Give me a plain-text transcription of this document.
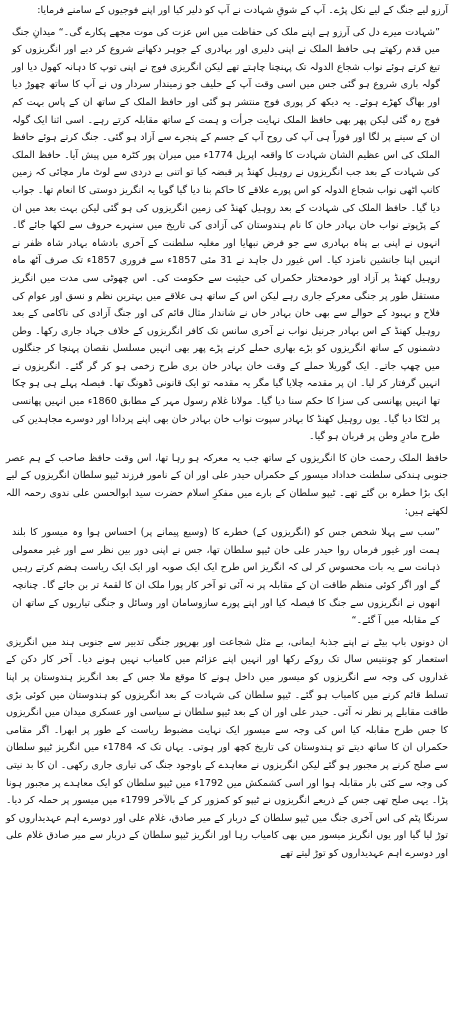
آرزو لیے جنگ کے لیے نکل پڑے۔ آپ کے شوقِ شہادت نے آپ کو دلیر کیا اور اپنے فوجیوں کے سامنے فرمایا:

”شہادت میرے دل کی آرزو ہے اپنے ملک کی حفاظت میں اس عزت کی موت مجھے پکارے گی۔“ میدانِ جنگ میں قدم رکھتے ہی حافظ الملک نے اپنی دلیری اور بہادری کے جوہر دکھانے شروع کر دیے اور انگریزوں کو تیغ کرتے ہوئے نواب شجاع الدولہ تک پہنچنا چاہتے تھے لیکن انگریزی فوج نے اپنی توپ کا دہانہ کھول دیا اور گولہ باری شروع ہو گئی جس میں اسی وقت آپ کے حلیف جو زمیندار سردار وں نے آپ کا ساتھ چھوڑ دیا اور بھاگ کھڑے ہوئے۔ یہ دیکھ کر پوری فوج منتشر ہو گئی اور حافظ الملک کے ساتھ ان کے پاس بہت کم فوج رہ گئی لیکن پھر بھی حافظ الملک نہایت جرأت و ہمت کے ساتھ مقابلہ کرتے رہے۔ اسی اثنا ایک گولہ ان کے سینے پر لگا اور فوراً ہی آپ کی روح آپ کے جسم کے پنجرے سے آزاد ہو گئی۔ جنگ کرتے ہوئے حافظ الملک کی اس عظیم الشان شہادت کا واقعہ اپریل 1774ء میں میران پور کٹرہ میں پیش آیا۔ حافظ الملک کی شہادت کے بعد جب انگریزوں نے روہیل کھنڈ پر قبضہ کیا تو اتنی بے دردی سے لوٹ مار مچائی کہ زمین کانپ اٹھی نواب شجاع الدولہ کو اس پورے علاقے کا حاکم بنا دیا گیا گویا یہ انگریز دوستی کا انعام تھا۔ جواب دیا گیا۔ حافظ الملک کی شہادت کے بعد روہیل کھنڈ کی زمین انگریزوں کی ہو گئی لیکن بہت بعد میں ان کے پڑپوتے نواب خان بہادر خان کا نام ہندوستان کی آزادی کی تاریخ میں سنہرے حروف سے لکھا جائے گا۔ انہوں نے اپنی بے پناہ بہادری سے جو فرض نبھایا اور مغلیہ سلطنت کے آخری بادشاہ بہادر شاہ ظفر نے انہیں اپنا جانشین نامزد کیا۔ اس غیور دل جاہد نے 31 مئی 1857ء سے فروری 1857ء تک صرف آٹھ ماہ روہیل کھنڈ پر آزاد اور خودمختار حکمراں کی حیثیت سے حکومت کی۔ اس چھوٹی سی مدت میں انگریز مستقل طور پر جنگی معرکے جاری رہے لیکن اس کے ساتھ ہی علاقے میں بہترین نظم و نسق اور عوام کی فلاح و بہبود کے حوالے سے بھی خان بہادر خاں نے شاندار مثال قائم کی اور جنگ آزادی کی ناکامی کے بعد روہیل کھنڈ کے اس بہادر جرنیل نواب نے آخری سانس تک کافر انگریزوں کے خلاف جہاد جاری رکھا۔ وطن دشمنوں کے ساتھ انگریزوں کو بڑے بھاری حملے کرنے پڑے پھر بھی انہیں مسلسل نقصان پہنچا کر جنگلوں میں چھپ جاتے۔ ایک گوریلا حملے کے وقت خان بہادر خان بری طرح زخمی ہو کر گر گئے۔ انگریزوں نے انہیں گرفتار کر لیا۔ ان پر مقدمہ چلایا گیا مگر یہ مقدمہ تو ایک قانونی ڈھونگ تھا۔ فیصلہ پہلے ہی ہو چکا تھا انہیں پھانسی کی سزا کا حکم سنا دیا گیا۔ مولانا غلام رسول مہر کے مطابق 1860ء میں انہیں پھانسی پر لٹکا دیا گیا۔ یوں روہیل کھنڈ کا بہادر سپوت نواب خان بہادر خان بھی اپنے پردادا اور دوسرے مجاہدین کی طرح مادرِ وطن پر قربان ہو گیا۔

حافظ الملک رحمت خان کا انگریزوں کے ساتھ جب یہ معرکہ ہو رہا تھا، اس وقت حافظ صاحب کے ہم عصر جنوبی ہندکی سلطنت خداداد میسور کے حکمراں حیدر علی اور ان کے نامور فرزند ٹیپو سلطان انگریزوں کے لیے ایک بڑا خطرہ بن گئے تھے۔ ٹیپو سلطان کے بارے میں مفکرِ اسلام حضرت سید ابوالحسن علی ندوی رحمہ اللہ لکھتے ہیں:

”سب سے پہلا شخص جس کو (انگریزوں کے) خطرے کا (وسیع پیمانے پر) احساس ہوا وہ میسور کا بلند ہمت اور غیور فرماں روا حیدر علی خان ٹیپو سلطان تھا، جس نے اپنی دور بین نظر سے اور غیر معمولی ذہانت سے یہ بات محسوس کر لی کہ انگریز اس طرح ایک ایک صوبہ اور ایک ایک ریاست ہضم کرتے رہیں گے اور اگر کوئی منظم طاقت ان کے مقابلہ پر نہ آئی تو آخر کار پورا ملک ان کا لقمۂ تر بن جائے گا۔ چنانچہ انھوں نے انگریزوں سے جنگ کا فیصلہ کیا اور اپنے پورے سازوسامان اور وسائل و جنگی تیاریوں کے ساتھ ان کے مقابلہ میں آ گئے۔“

ان دونوں باپ بیٹے نے اپنے جذبۂ ایمانی، بے مثل شجاعت اور بھرپور جنگی تدبیر سے جنوبی ہند میں انگریزی استعمار کو چونتیس سال تک روکے رکھا اور انہیں اپنے عزائم میں کامیاب نہیں ہونے دیا۔ آخر کار دکن کے غداروں کی وجہ سے انگریزوں کو میسور میں داخل ہونے کا موقع ملا جس کے بعد انگریز ہندوستان پر اپنا تسلط قائم کرنے میں کامیاب ہو گئے۔ ٹیپو سلطان کی شہادت کے بعد انگریزوں کو ہندوستان میں کوئی بڑی طاقت مقابلے پر نظر نہ آئی۔ حیدر علی اور ان کے بعد ٹیپو سلطان نے سیاسی اور عسکری میدان میں انگریزوں کا جس طرح مقابلہ کیا اس کی وجہ سے میسور ایک نہایت مضبوط ریاست کے طور پر ابھرا۔ اگر مقامی حکمراں ان کا ساتھ دیتے تو ہندوستان کی تاریخ کچھ اور ہوتی۔ یہاں تک کہ 1784ء میں انگریز ٹیپو سلطان سے صلح کرنے پر مجبور ہو گئے لیکن انگریزوں نے معاہدے کے باوجود جنگ کی تیاری جاری رکھی۔ ان کا بد نیتی کی وجہ سے کئی بار مقابلہ ہوا اور اسی کشمکش میں 1792ء میں ٹیپو سلطان کو ایک معاہدے پر مجبور ہونا پڑا۔ یہی صلح تھی جس کے ذریعے انگریزوں نے ٹیپو کو کمزور کر کے بالآخر 1799ء میں میسور پر حملہ کر دیا۔ سرنگا پٹم کی اس آخری جنگ میں ٹیپو سلطان کے دربار کے میر صادق، غلام علی اور دوسرے اہم عہدیداروں کو توڑ لیا گیا اور یوں انگریز میسور میں بھی کامیاب رہا اور انگریز ٹیپو سلطان کے دربار سے میر صادق غلام علی اور دوسرے اہم عہدیداروں کو توڑ لیتے تھے
